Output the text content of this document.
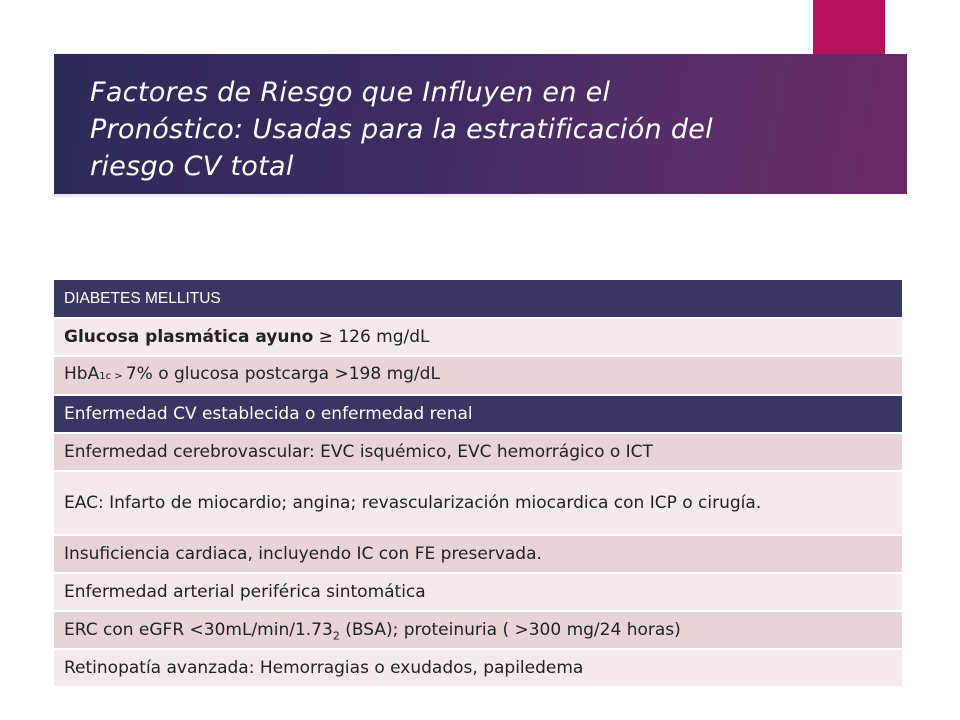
Factores de Riesgo que Influyen en el
Pronóstico: Usadas para la estratificación del
riesgo CV total
DIABETES MELLITUS
Glucosa plasmática ayuno ≥ 126 mg/dL
HbA1c > 7% o glucosa postcarga >198 mg/dL
Enfermedad CV establecida o enfermedad renal
Enfermedad cerebrovascular: EVC isquémico, EVC hemorrágico o ICT
EAC: Infarto de miocardio; angina; revascularización miocardica con ICP o cirugía.
Insuficiencia cardiaca, incluyendo IC con FE preservada.
Enfermedad arterial periférica sintomática
ERC con eGFR $<30mL/\min/1.73_2$ (BSA); proteinuria ( >300 mg/24 horas)
Retinopatía avanzada: Hemorragias o exudados, papiledema
